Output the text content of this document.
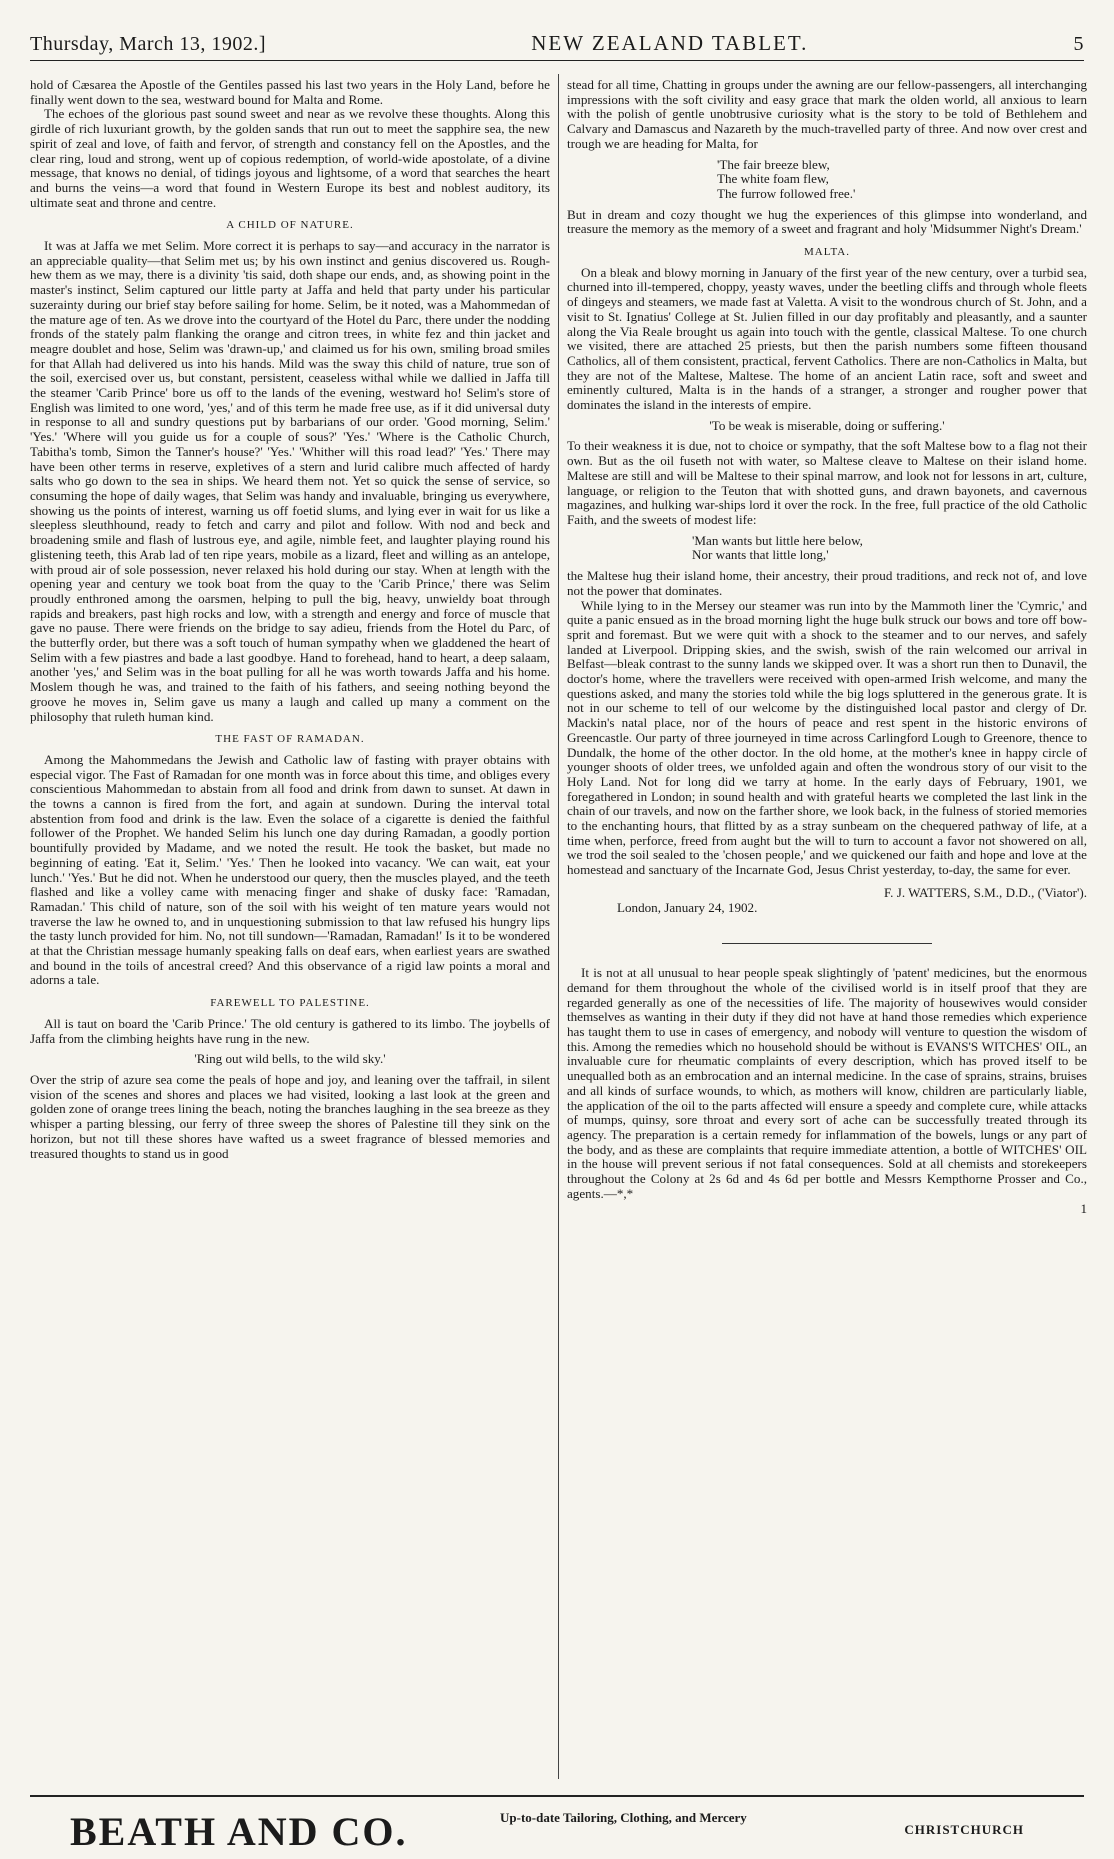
Thursday, March 13, 1902.]	NEW ZEALAND TABLET.	5

hold of Cæsarea the Apostle of the Gentiles passed his last two years in the Holy Land, before he finally went down to the sea, westward bound for Malta and Rome.

The echoes of the glorious past sound sweet and near as we revolve these thoughts. Along this girdle of rich luxuriant growth, by the golden sands that run out to meet the sapphire sea, the new spirit of zeal and love, of faith and fervor, of strength and constancy fell on the Apostles, and the clear ring, loud and strong, went up of copious redemption, of world-wide apostolate, of a divine message, that knows no denial, of tidings joyous and lightsome, of a word that searches the heart and burns the veins—a word that found in Western Europe its best and noblest auditory, its ultimate seat and throne and centre.

A CHILD OF NATURE.

It was at Jaffa we met Selim. More correct it is perhaps to say—and accuracy in the narrator is an appreciable quality—that Selim met us; by his own instinct and genius discovered us. Rough-hew them as we may, there is a divinity 'tis said, doth shape our ends, and, as showing point in the master's instinct, Selim captured our little party at Jaffa and held that party under his particular suzerainty during our brief stay before sailing for home. Selim, be it noted, was a Mahommedan of the mature age of ten. As we drove into the courtyard of the Hotel du Parc, there under the nodding fronds of the stately palm flanking the orange and citron trees, in white fez and thin jacket and meagre doublet and hose, Selim was 'drawn-up,' and claimed us for his own, smiling broad smiles for that Allah had delivered us into his hands. Mild was the sway this child of nature, true son of the soil, exercised over us, but constant, persistent, ceaseless withal while we dallied in Jaffa till the steamer 'Carib Prince' bore us off to the lands of the evening, westward ho! Selim's store of English was limited to one word, 'yes,' and of this term he made free use, as if it did universal duty in response to all and sundry questions put by barbarians of our order. 'Good morning, Selim.' 'Yes.' 'Where will you guide us for a couple of sous?' 'Yes.' 'Where is the Catholic Church, Tabitha's tomb, Simon the Tanner's house?' 'Yes.' 'Whither will this road lead?' 'Yes.' There may have been other terms in reserve, expletives of a stern and lurid calibre much affected of hardy salts who go down to the sea in ships. We heard them not. Yet so quick the sense of service, so consuming the hope of daily wages, that Selim was handy and invaluable, bringing us everywhere, showing us the points of interest, warning us off foetid slums, and lying ever in wait for us like a sleepless sleuthhound, ready to fetch and carry and pilot and follow. With nod and beck and broadening smile and flash of lustrous eye, and agile, nimble feet, and laughter playing round his glistening teeth, this Arab lad of ten ripe years, mobile as a lizard, fleet and willing as an antelope, with proud air of sole possession, never relaxed his hold during our stay. When at length with the opening year and century we took boat from the quay to the 'Carib Prince,' there was Selim proudly enthroned among the oarsmen, helping to pull the big, heavy, unwieldy boat through rapids and breakers, past high rocks and low, with a strength and energy and force of muscle that gave no pause. There were friends on the bridge to say adieu, friends from the Hotel du Parc, of the butterfly order, but there was a soft touch of human sympathy when we gladdened the heart of Selim with a few piastres and bade a last goodbye. Hand to forehead, hand to heart, a deep salaam, another 'yes,' and Selim was in the boat pulling for all he was worth towards Jaffa and his home. Moslem though he was, and trained to the faith of his fathers, and seeing nothing beyond the groove he moves in, Selim gave us many a laugh and called up many a comment on the philosophy that ruleth human kind.

THE FAST OF RAMADAN.

Among the Mahommedans the Jewish and Catholic law of fasting with prayer obtains with especial vigor. The Fast of Ramadan for one month was in force about this time, and obliges every conscientious Mahommedan to abstain from all food and drink from dawn to sunset. At dawn in the towns a cannon is fired from the fort, and again at sundown. During the interval total abstention from food and drink is the law. Even the solace of a cigarette is denied the faithful follower of the Prophet. We handed Selim his lunch one day during Ramadan, a goodly portion bountifully provided by Madame, and we noted the result. He took the basket, but made no beginning of eating. 'Eat it, Selim.' 'Yes.' Then he looked into vacancy. 'We can wait, eat your lunch.' 'Yes.' But he did not. When he understood our query, then the muscles played, and the teeth flashed and like a volley came with menacing finger and shake of dusky face: 'Ramadan, Ramadan.' This child of nature, son of the soil with his weight of ten mature years would not traverse the law he owned to, and in unquestioning submission to that law refused his hungry lips the tasty lunch provided for him. No, not till sundown—'Ramadan, Ramadan!' Is it to be wondered at that the Christian message humanly speaking falls on deaf ears, when earliest years are swathed and bound in the toils of ancestral creed? And this observance of a rigid law points a moral and adorns a tale.

FAREWELL TO PALESTINE.

All is taut on board the 'Carib Prince.' The old century is gathered to its limbo. The joybells of Jaffa from the climbing heights have rung in the new.

'Ring out wild bells, to the wild sky.'

Over the strip of azure sea come the peals of hope and joy, and leaning over the taffrail, in silent vision of the scenes and shores and places we had visited, looking a last look at the green and golden zone of orange trees lining the beach, noting the branches laughing in the sea breeze as they whisper a parting blessing, our ferry of three sweep the shores of Palestine till they sink on the horizon, but not till these shores have wafted us a sweet fragrance of blessed memories and treasured thoughts to stand us in good

stead for all time, Chatting in groups under the awning are our fellow-passengers, all interchanging impressions with the soft civility and easy grace that mark the olden world, all anxious to learn with the polish of gentle unobtrusive curiosity what is the story to be told of Bethlehem and Calvary and Damascus and Nazareth by the much-travelled party of three. And now over crest and trough we are heading for Malta, for

'The fair breeze blew,
The white foam flew,
The furrow followed free.'

But in dream and cozy thought we hug the experiences of this glimpse into wonderland, and treasure the memory as the memory of a sweet and fragrant and holy 'Midsummer Night's Dream.'

MALTA.

On a bleak and blowy morning in January of the first year of the new century, over a turbid sea, churned into ill-tempered, choppy, yeasty waves, under the beetling cliffs and through whole fleets of dingeys and steamers, we made fast at Valetta. A visit to the wondrous church of St. John, and a visit to St. Ignatius' College at St. Julien filled in our day profitably and pleasantly, and a saunter along the Via Reale brought us again into touch with the gentle, classical Maltese. To one church we visited, there are attached 25 priests, but then the parish numbers some fifteen thousand Catholics, all of them consistent, practical, fervent Catholics. There are non-Catholics in Malta, but they are not of the Maltese, Maltese. The home of an ancient Latin race, soft and sweet and eminently cultured, Malta is in the hands of a stranger, a stronger and rougher power that dominates the island in the interests of empire.

'To be weak is miserable, doing or suffering.'

To their weakness it is due, not to choice or sympathy, that the soft Maltese bow to a flag not their own. But as the oil fuseth not with water, so Maltese cleave to Maltese on their island home. Maltese are still and will be Maltese to their spinal marrow, and look not for lessons in art, culture, language, or religion to the Teuton that with shotted guns, and drawn bayonets, and cavernous magazines, and hulking war-ships lord it over the rock. In the free, full practice of the old Catholic Faith, and the sweets of modest life:

'Man wants but little here below,
Nor wants that little long,'

the Maltese hug their island home, their ancestry, their proud traditions, and reck not of, and love not the power that dominates.

While lying to in the Mersey our steamer was run into by the Mammoth liner the 'Cymric,' and quite a panic ensued as in the broad morning light the huge bulk struck our bows and tore off bow-sprit and foremast. But we were quit with a shock to the steamer and to our nerves, and safely landed at Liverpool. Dripping skies, and the swish, swish of the rain welcomed our arrival in Belfast—bleak contrast to the sunny lands we skipped over. It was a short run then to Dunavil, the doctor's home, where the travellers were received with open-armed Irish welcome, and many the questions asked, and many the stories told while the big logs spluttered in the generous grate. It is not in our scheme to tell of our welcome by the distinguished local pastor and clergy of Dr. Mackin's natal place, nor of the hours of peace and rest spent in the historic environs of Greencastle. Our party of three journeyed in time across Carlingford Lough to Greenore, thence to Dundalk, the home of the other doctor. In the old home, at the mother's knee in happy circle of younger shoots of older trees, we unfolded again and often the wondrous story of our visit to the Holy Land. Not for long did we tarry at home. In the early days of February, 1901, we foregathered in London; in sound health and with grateful hearts we completed the last link in the chain of our travels, and now on the farther shore, we look back, in the fulness of storied memories to the enchanting hours, that flitted by as a stray sunbeam on the chequered pathway of life, at a time when, perforce, freed from aught but the will to turn to account a favor not showered on all, we trod the soil sealed to the 'chosen people,' and we quickened our faith and hope and love at the homestead and sanctuary of the Incarnate God, Jesus Christ yesterday, to-day, the same for ever.

F. J. WATTERS, S.M., D.D., ('Viator').

London, January 24, 1902.

It is not at all unusual to hear people speak slightingly of 'patent' medicines, but the enormous demand for them throughout the whole of the civilised world is in itself proof that they are regarded generally as one of the necessities of life. The majority of housewives would consider themselves as wanting in their duty if they did not have at hand those remedies which experience has taught them to use in cases of emergency, and nobody will venture to question the wisdom of this. Among the remedies which no household should be without is EVANS'S WITCHES' OIL, an invaluable cure for rheumatic complaints of every description, which has proved itself to be unequalled both as an embrocation and an internal medicine. In the case of sprains, strains, bruises and all kinds of surface wounds, to which, as mothers will know, children are particularly liable, the application of the oil to the parts affected will ensure a speedy and complete cure, while attacks of mumps, quinsy, sore throat and every sort of ache can be successfully treated through its agency. The preparation is a certain remedy for inflammation of the bowels, lungs or any part of the body, and as these are complaints that require immediate attention, a bottle of WITCHES' OIL in the house will prevent serious if not fatal consequences. Sold at all chemists and storekeepers throughout the Colony at 2s 6d and 4s 6d per bottle and Messrs Kempthorne Prosser and Co., agents.—*,*

1
BEATH AND CO.	Up-to-date Tailoring, Clothing, and Mercery
CHRISTCHURCH
